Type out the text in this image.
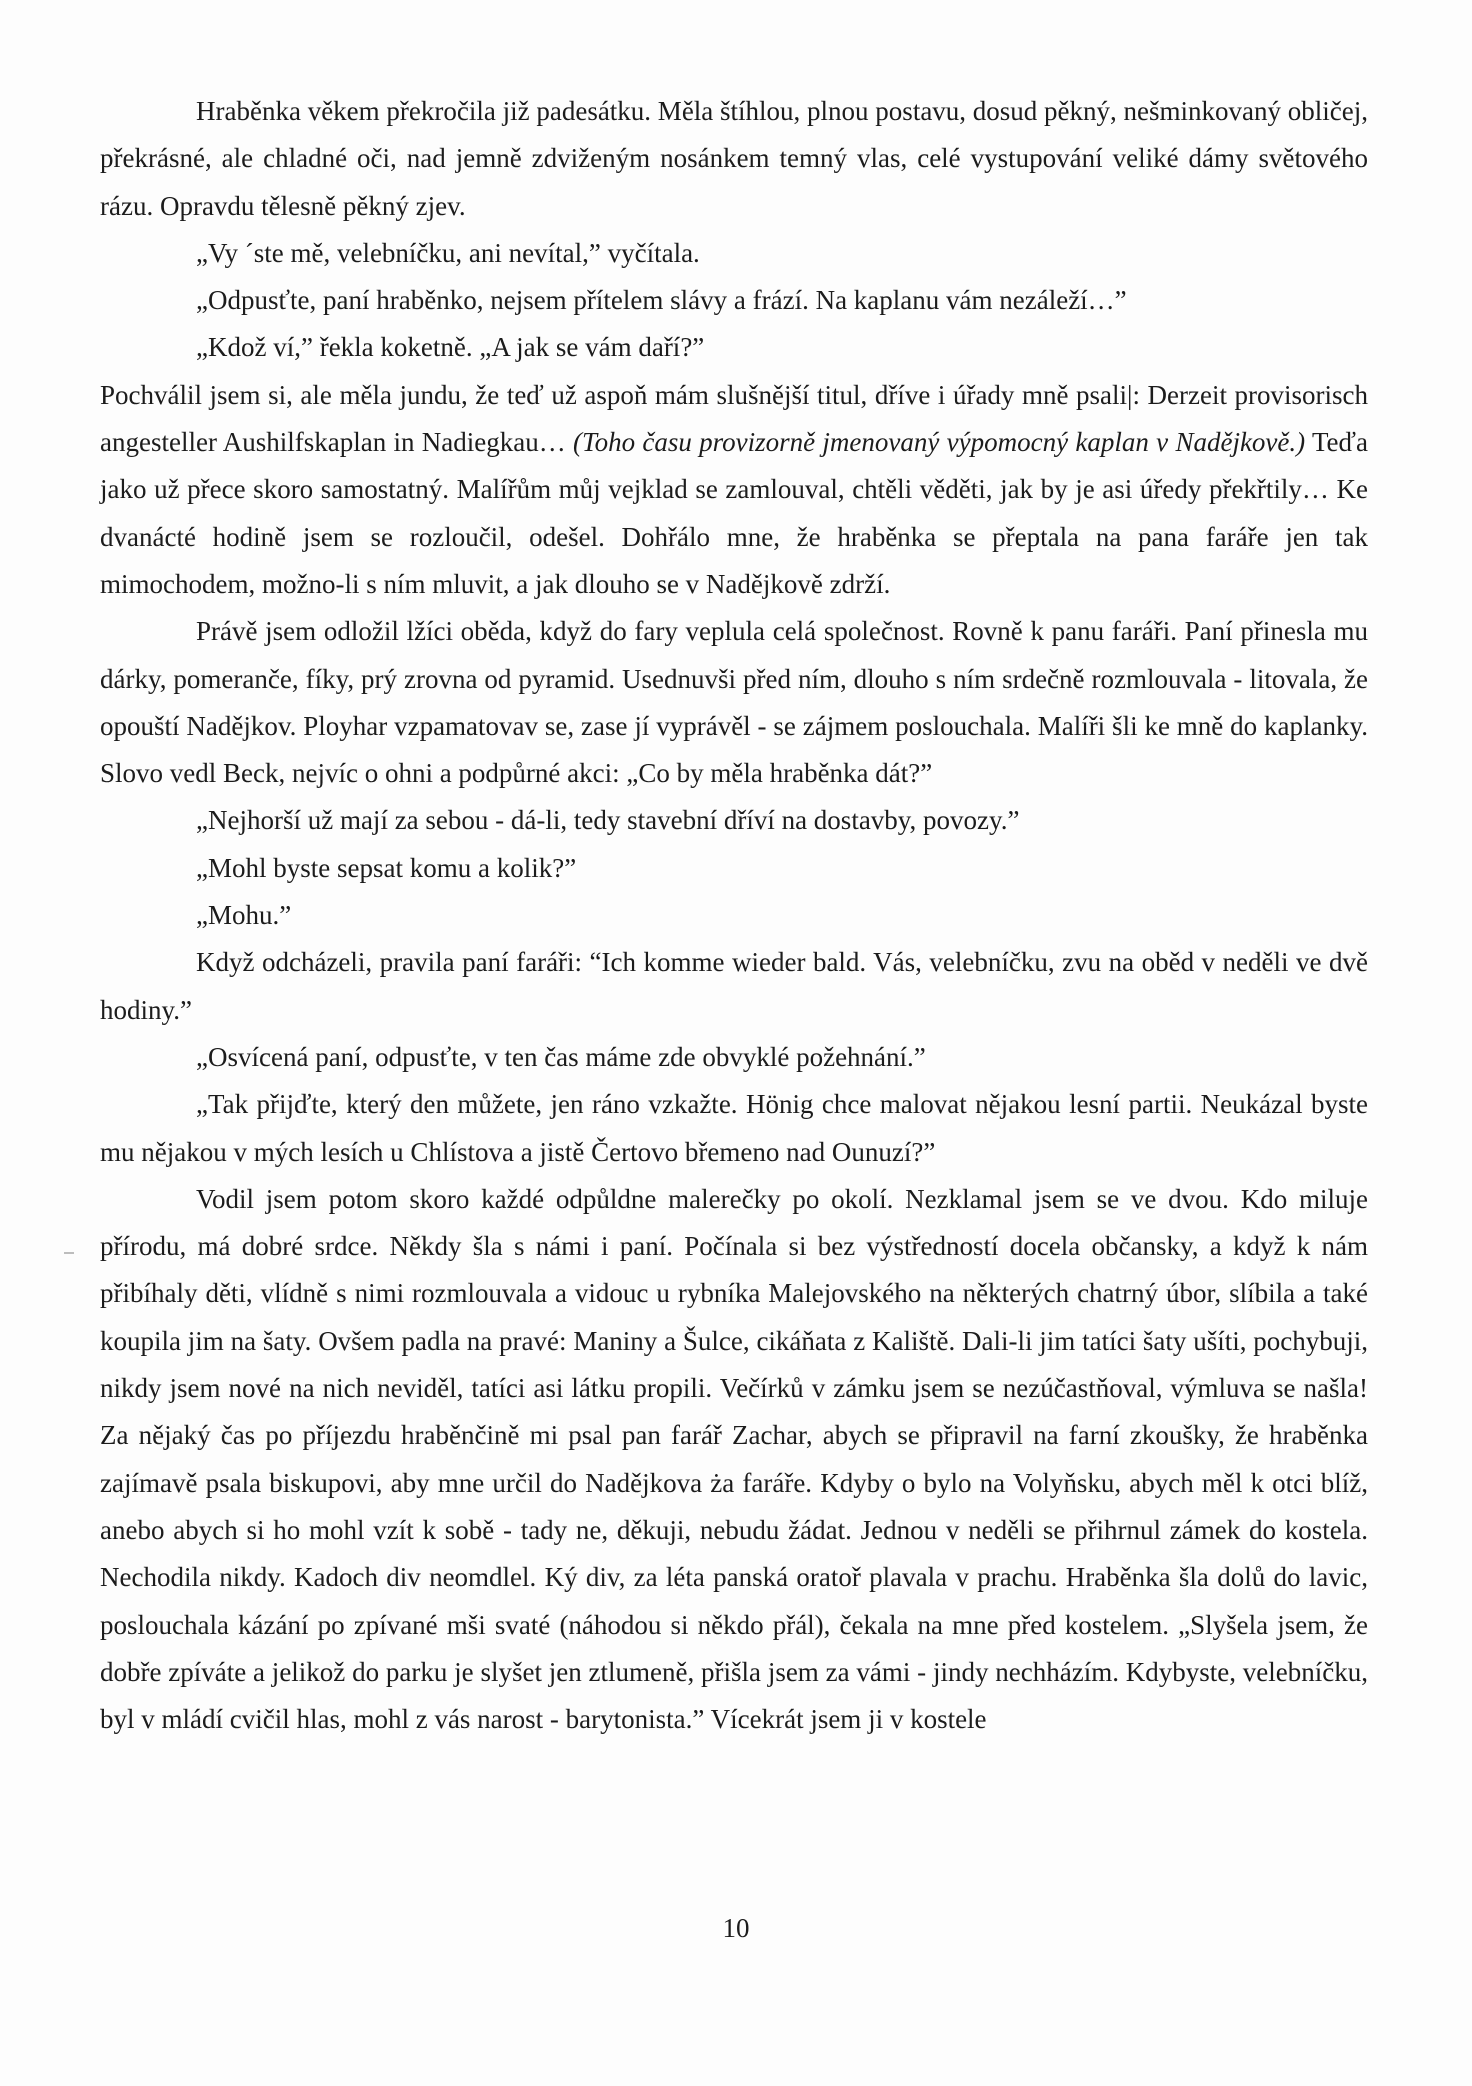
Hraběnka věkem překročila již padesátku. Měla štíhlou, plnou postavu, dosud pěkný, nešminkovaný obličej, překrásné, ale chladné oči, nad jemně zdviženým nosánkem temný vlas, celé vystupování veliké dámy světového rázu. Opravdu tělesně pěkný zjev.

„Vy ´ste mě, velebníčku, ani nevítal,” vyčítala.

„Odpusťte, paní hraběnko, nejsem přítelem slávy a frází. Na kaplanu vám nezáleží…”

„Kdož ví,” řekla koketně. „A jak se vám daří?”

Pochválil jsem si, ale měla jundu, že teď už aspoň mám slušnější titul, dříve i úřady mně psali|: Derzeit provisorisch angesteller Aushilfskaplan in Nadiegkau… (Toho času provizorně jmenovaný výpomocný kaplan v Nadějkově.) Teďa jako už přece skoro samostatný. Malířům můj vejklad se zamlouval, chtěli věděti, jak by je asi úředy překřtily… Ke dvanácté hodině jsem se rozloučil, odešel. Dohřálo mne, že hraběnka se přeptala na pana faráře jen tak mimochodem, možno-li s ním mluvit, a jak dlouho se v Nadějkově zdrží.

Právě jsem odložil lžíci oběda, když do fary veplula celá společnost. Rovně k panu faráři. Paní přinesla mu dárky, pomeranče, fíky, prý zrovna od pyramid. Usednuvši před ním, dlouho s ním srdečně rozmlouvala - litovala, že opouští Nadějkov. Ployhar vzpamatovav se, zase jí vyprávěl - se zájmem poslouchala. Malíři šli ke mně do kaplanky. Slovo vedl Beck, nejvíc o ohni a podpůrné akci: „Co by měla hraběnka dát?”

„Nejhorší už mají za sebou - dá-li, tedy stavební dříví na dostavby, povozy.”

„Mohl byste sepsat komu a kolik?”

„Mohu.”

Když odcházeli, pravila paní faráři: “Ich komme wieder bald. Vás, velebníčku, zvu na oběd v neděli ve dvě hodiny.”

„Osvícená paní, odpusťte, v ten čas máme zde obvyklé požehnání.”

„Tak přijďte, který den můžete, jen ráno vzkažte. Hönig chce malovat nějakou lesní partii. Neukázal byste mu nějakou v mých lesích u Chlístova a jistě Čertovo břemeno nad Ounuzí?”

Vodil jsem potom skoro každé odpůldne malerečky po okolí. Nezklamal jsem se ve dvou. Kdo miluje přírodu, má dobré srdce. Někdy šla s námi i paní. Počínala si bez výstředností docela občansky, a když k nám přibíhaly děti, vlídně s nimi rozmlouvala a vidouc u rybníka Malejovského na některých chatrný úbor, slíbila a také koupila jim na šaty. Ovšem padla na pravé: Maniny a Šulce, cikáňata z Kaliště. Dali-li jim tatíci šaty ušíti, pochybuji, nikdy jsem nové na nich neviděl, tatíci asi látku propili. Večírků v zámku jsem se nezúčastňoval, výmluva se našla! Za nějaký čas po příjezdu hraběnčině mi psal pan farář Zachar, abych se připravil na farní zkoušky, že hraběnka zajímavě psala biskupovi, aby mne určil do Nadějkova ża faráře. Kdyby o bylo na Volyňsku, abych měl k otci blíž, anebo abych si ho mohl vzít k sobě - tady ne, děkuji, nebudu žádat. Jednou v neděli se přihrnul zámek do kostela. Nechodila nikdy. Kadoch div neomdlel. Ký div, za léta panská oratoř plavala v prachu. Hraběnka šla dolů do lavic, poslouchala kázání po zpívané mši svaté (náhodou si někdo přál), čekala na mne před kostelem. „Slyšela jsem, že dobře zpíváte a jelikož do parku je slyšet jen ztlumeně, přišla jsem za vámi - jindy nechházím. Kdybyste, velebníčku, byl v mládí cvičil hlas, mohl z vás narost - barytonista.” Vícekrát jsem ji v kostele

10
